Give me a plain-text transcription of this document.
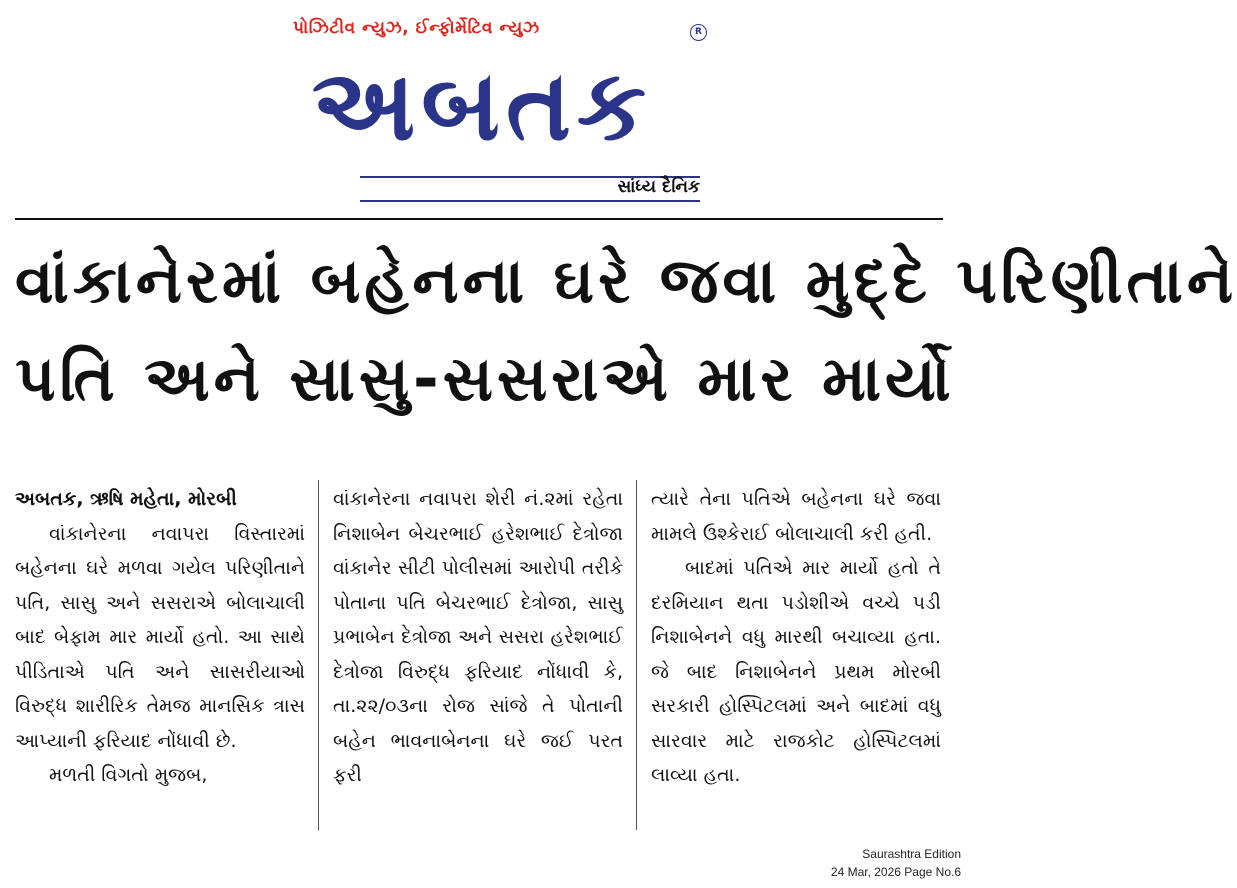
પોઝિટીવ ન્યુઝ, ઈન્ફોર્મેટિવ ન્યુઝ	R
અબતક
સાંધ્ય દૈનિક
વાંકાનેરમાં બહેનના ઘરે જવા મુદ્દે પરિણીતાને
પતિ અને સાસુ-સસરાએ માર માર્યો

અબતક, ઋષિ મહેતા, મોરબી

વાંકાનેરના નવાપરા વિસ્તારમાં બહેનના ઘરે મળવા ગયેલ પરિણીતાને પતિ, સાસુ અને સસરાએ બોલાચાલી બાદ બેફામ માર માર્યો હતો. આ સાથે પીડિતાએ પતિ અને સાસરીયાઓ વિરુદ્ધ શારીરિક તેમજ માનસિક ત્રાસ આપ્યાની ફરિયાદ નોંધાવી છે.

મળતી વિગતો મુજબ,

વાંકાનેરના નવાપરા શેરી નં.૨માં રહેતા નિશાબેન બેચરભાઈ હરેશભાઈ દેત્રોજા વાંકાનેર સીટી પોલીસમાં આરોપી તરીકે પોતાના પતિ બેચરભાઈ દેત્રોજા, સાસુ પ્રભાબેન દેત્રોજા અને સસરા હરેશભાઈ દેત્રોજા વિરુદ્ધ ફરિયાદ નોંધાવી કે, તા.૨૨/૦૩ના રોજ સાંજે તે પોતાની બહેન ભાવનાબેનના ઘરે જઈ પરત ફરી

ત્યારે તેના પતિએ બહેનના ઘરે જવા મામલે ઉશ્કેરાઈ બોલાચાલી કરી હતી.

બાદમાં પતિએ માર માર્યો હતો તે દરમિયાન થતા પડોશીએ વચ્ચે પડી નિશાબેનને વધુ મારથી બચાવ્યા હતા. જે બાદ નિશાબેનને પ્રથમ મોરબી સરકારી હોસ્પિટલમાં અને બાદમાં વધુ સારવાર માટે રાજકોટ હોસ્પિટલમાં લાવ્યા હતા.

Saurashtra Edition
24 Mar, 2026 Page No.6
